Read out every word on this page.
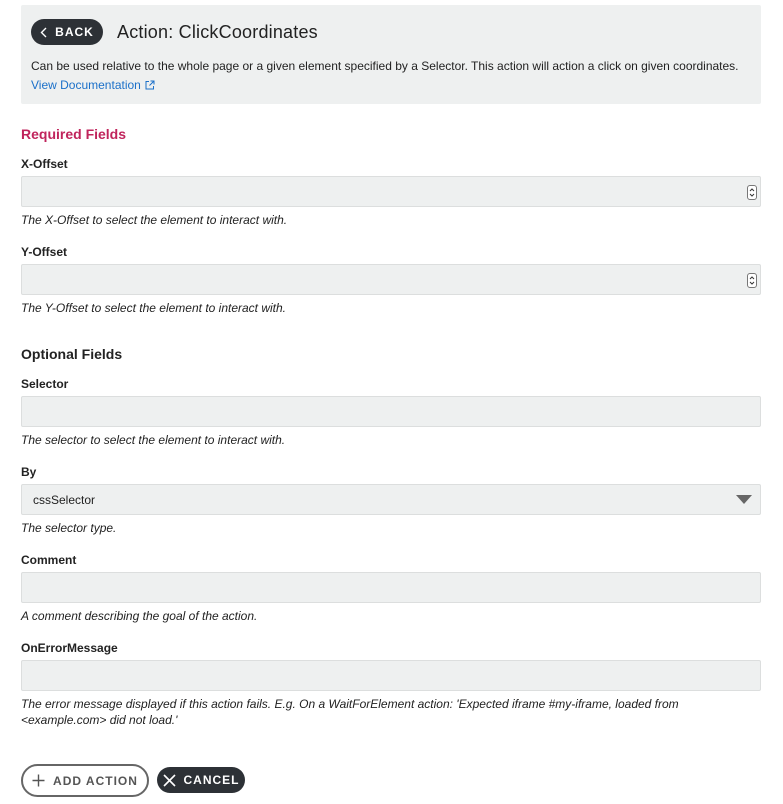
BACK Action: ClickCoordinates
Can be used relative to the whole page or a given element specified by a Selector. This action will action a click on given coordinates.
View Documentation
Required Fields
X-Offset
The X-Offset to select the element to interact with.
Y-Offset
The Y-Offset to select the element to interact with.
Optional Fields
Selector
The selector to select the element to interact with.
By
cssSelector
The selector type.
Comment
A comment describing the goal of the action.
OnErrorMessage
The error message displayed if this action fails. E.g. On a WaitForElement action: 'Expected iframe #my-iframe, loaded from <example.com> did not load.'
ADD ACTION	CANCEL
